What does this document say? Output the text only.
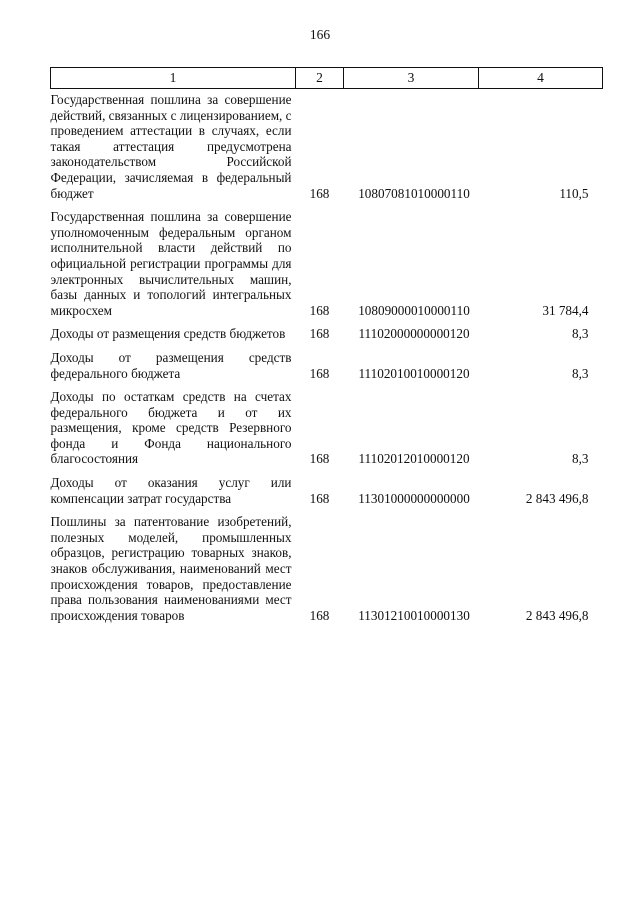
166
1	2	3	4
Государственная пошлина за совершение действий, связанных с лицензированием, с проведением аттестации в случаях, если такая аттестация предусмотрена законодательством Российской Федерации, зачисляемая в федеральный бюджет	168	10807081010000110	110,5
Государственная пошлина за совершение уполномоченным федеральным органом исполнительной власти действий по официальной регистрации программы для электронных вычислительных машин, базы данных и топологий интегральных микросхем	168	10809000010000110	31 784,4
Доходы от размещения средств бюджетов	168	11102000000000120	8,3
Доходы от размещения средств федерального бюджета	168	11102010010000120	8,3
Доходы по остаткам средств на счетах федерального бюджета и от их размещения, кроме средств Резервного фонда и Фонда национального благосостояния	168	11102012010000120	8,3
Доходы от оказания услуг или компенсации затрат государства	168	11301000000000000	2 843 496,8
Пошлины за патентование изобретений, полезных моделей, промышленных образцов, регистрацию товарных знаков, знаков обслуживания, наименований мест происхождения товаров, предоставление права пользования наименованиями мест происхождения товаров	168	11301210010000130	2 843 496,8
